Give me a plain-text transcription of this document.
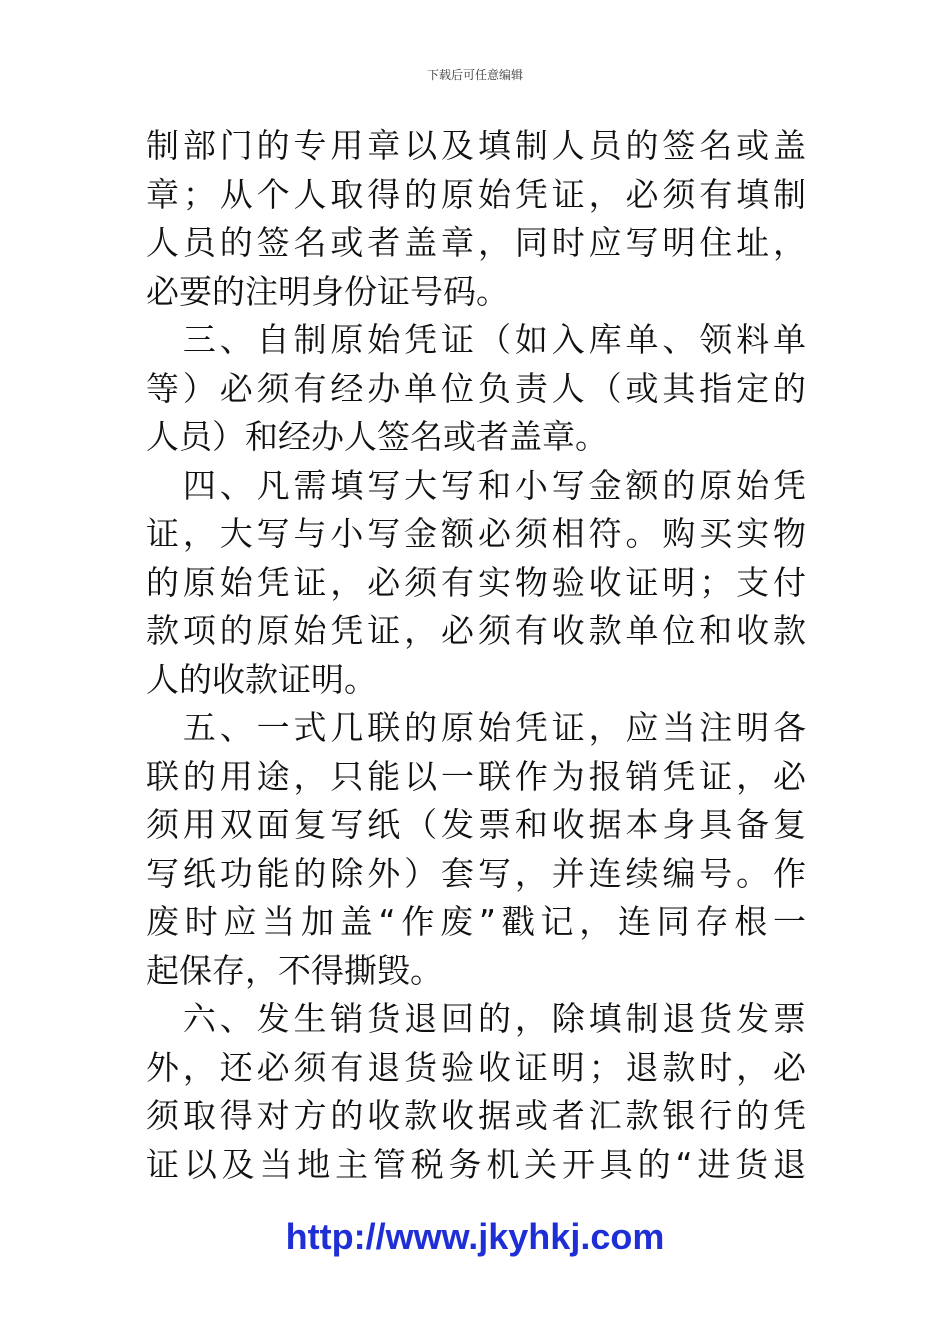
下载后可任意编辑
制部门的专用章以及填制人员的签名或盖
章；从个人取得的原始凭证，必须有填制
人员的签名或者盖章，同时应写明住址，
必要的注明身份证号码。
　三、自制原始凭证（如入库单、领料单
等）必须有经办单位负责人（或其指定的
人员）和经办人签名或者盖章。
　四、凡需填写大写和小写金额的原始凭
证，大写与小写金额必须相符。购买实物
的原始凭证，必须有实物验收证明；支付
款项的原始凭证，必须有收款单位和收款
人的收款证明。
　五、一式几联的原始凭证，应当注明各
联的用途，只能以一联作为报销凭证，必
须用双面复写纸（发票和收据本身具备复
写纸功能的除外）套写，并连续编号。作
废时应当加盖“作废”戳记，连同存根一
起保存，不得撕毁。
　六、发生销货退回的，除填制退货发票
外，还必须有退货验收证明；退款时，必
须取得对方的收款收据或者汇款银行的凭
证以及当地主管税务机关开具的“进货退
http://www.jkyhkj.com
